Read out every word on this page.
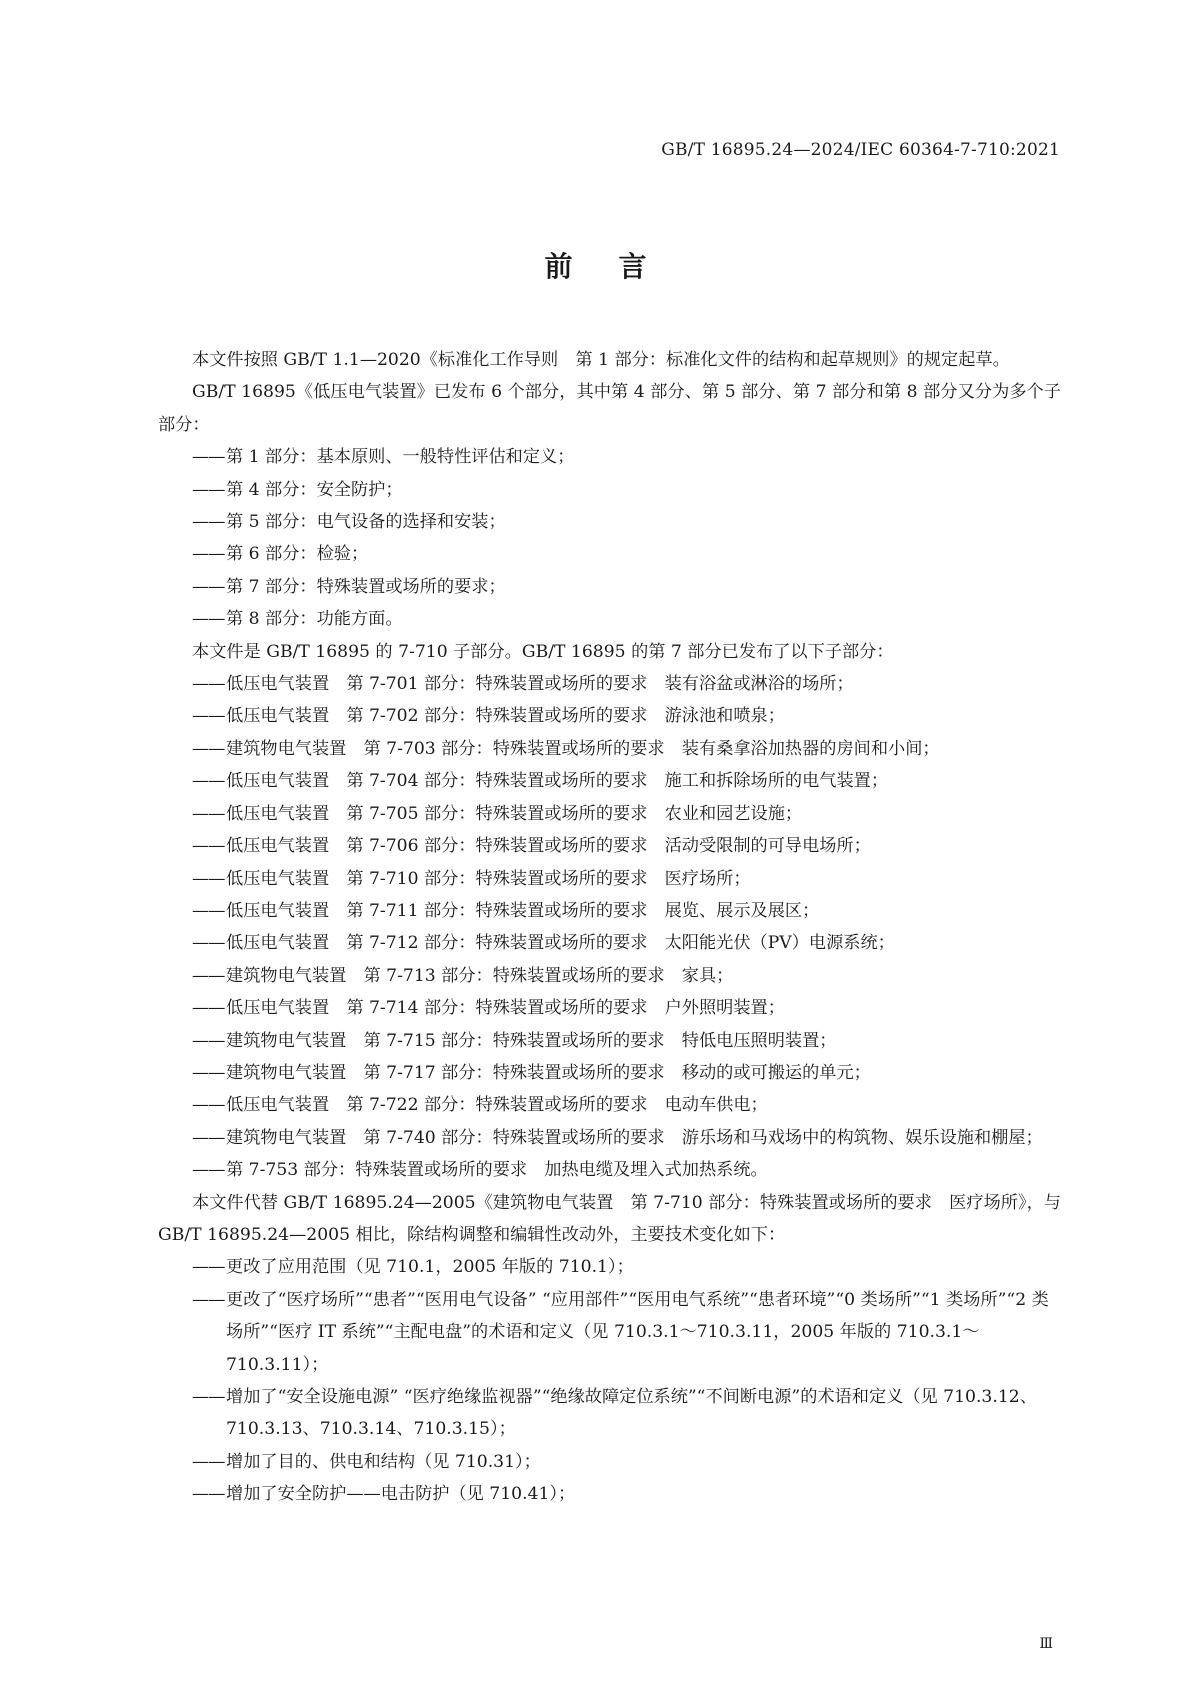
GB/T 16895.24—2024/IEC 60364-7-710:2021
前言
本文件按照 GB/T 1.1—2020《标准化工作导则　第 1 部分：标准化文件的结构和起草规则》的规定起草。
GB/T 16895《低压电气装置》已发布 6 个部分，其中第 4 部分、第 5 部分、第 7 部分和第 8 部分又分为多个子部分：
——第 1 部分：基本原则、一般特性评估和定义；
——第 4 部分：安全防护；
——第 5 部分：电气设备的选择和安装；
——第 6 部分：检验；
——第 7 部分：特殊装置或场所的要求；
——第 8 部分：功能方面。
本文件是 GB/T 16895 的 7-710 子部分。GB/T 16895 的第 7 部分已发布了以下子部分：
——低压电气装置　第 7-701 部分：特殊装置或场所的要求　装有浴盆或淋浴的场所；
——低压电气装置　第 7-702 部分：特殊装置或场所的要求　游泳池和喷泉；
——建筑物电气装置　第 7-703 部分：特殊装置或场所的要求　装有桑拿浴加热器的房间和小间；
——低压电气装置　第 7-704 部分：特殊装置或场所的要求　施工和拆除场所的电气装置；
——低压电气装置　第 7-705 部分：特殊装置或场所的要求　农业和园艺设施；
——低压电气装置　第 7-706 部分：特殊装置或场所的要求　活动受限制的可导电场所；
——低压电气装置　第 7-710 部分：特殊装置或场所的要求　医疗场所；
——低压电气装置　第 7-711 部分：特殊装置或场所的要求　展览、展示及展区；
——低压电气装置　第 7-712 部分：特殊装置或场所的要求　太阳能光伏（PV）电源系统；
——建筑物电气装置　第 7-713 部分：特殊装置或场所的要求　家具；
——低压电气装置　第 7-714 部分：特殊装置或场所的要求　户外照明装置；
——建筑物电气装置　第 7-715 部分：特殊装置或场所的要求　特低电压照明装置；
——建筑物电气装置　第 7-717 部分：特殊装置或场所的要求　移动的或可搬运的单元；
——低压电气装置　第 7-722 部分：特殊装置或场所的要求　电动车供电；
——建筑物电气装置　第 7-740 部分：特殊装置或场所的要求　游乐场和马戏场中的构筑物、娱乐设施和棚屋；
——第 7-753 部分：特殊装置或场所的要求　加热电缆及埋入式加热系统。
本文件代替 GB/T 16895.24—2005《建筑物电气装置　第 7-710 部分：特殊装置或场所的要求　医疗场所》，与 GB/T 16895.24—2005 相比，除结构调整和编辑性改动外，主要技术变化如下：
——更改了应用范围（见 710.1，2005 年版的 710.1）；
——更改了“医疗场所”“患者”“医用电气设备” “应用部件”“医用电气系统”“患者环境”“0 类场所”“1 类场所”“2 类场所”“医疗 IT 系统”“主配电盘”的术语和定义（见 710.3.1～710.3.11，2005 年版的 710.3.1～710.3.11）；
——增加了“安全设施电源” “医疗绝缘监视器”“绝缘故障定位系统”“不间断电源”的术语和定义（见 710.3.12、710.3.13、710.3.14、710.3.15）；
——增加了目的、供电和结构（见 710.31）；
——增加了安全防护——电击防护（见 710.41）；
Ⅲ
